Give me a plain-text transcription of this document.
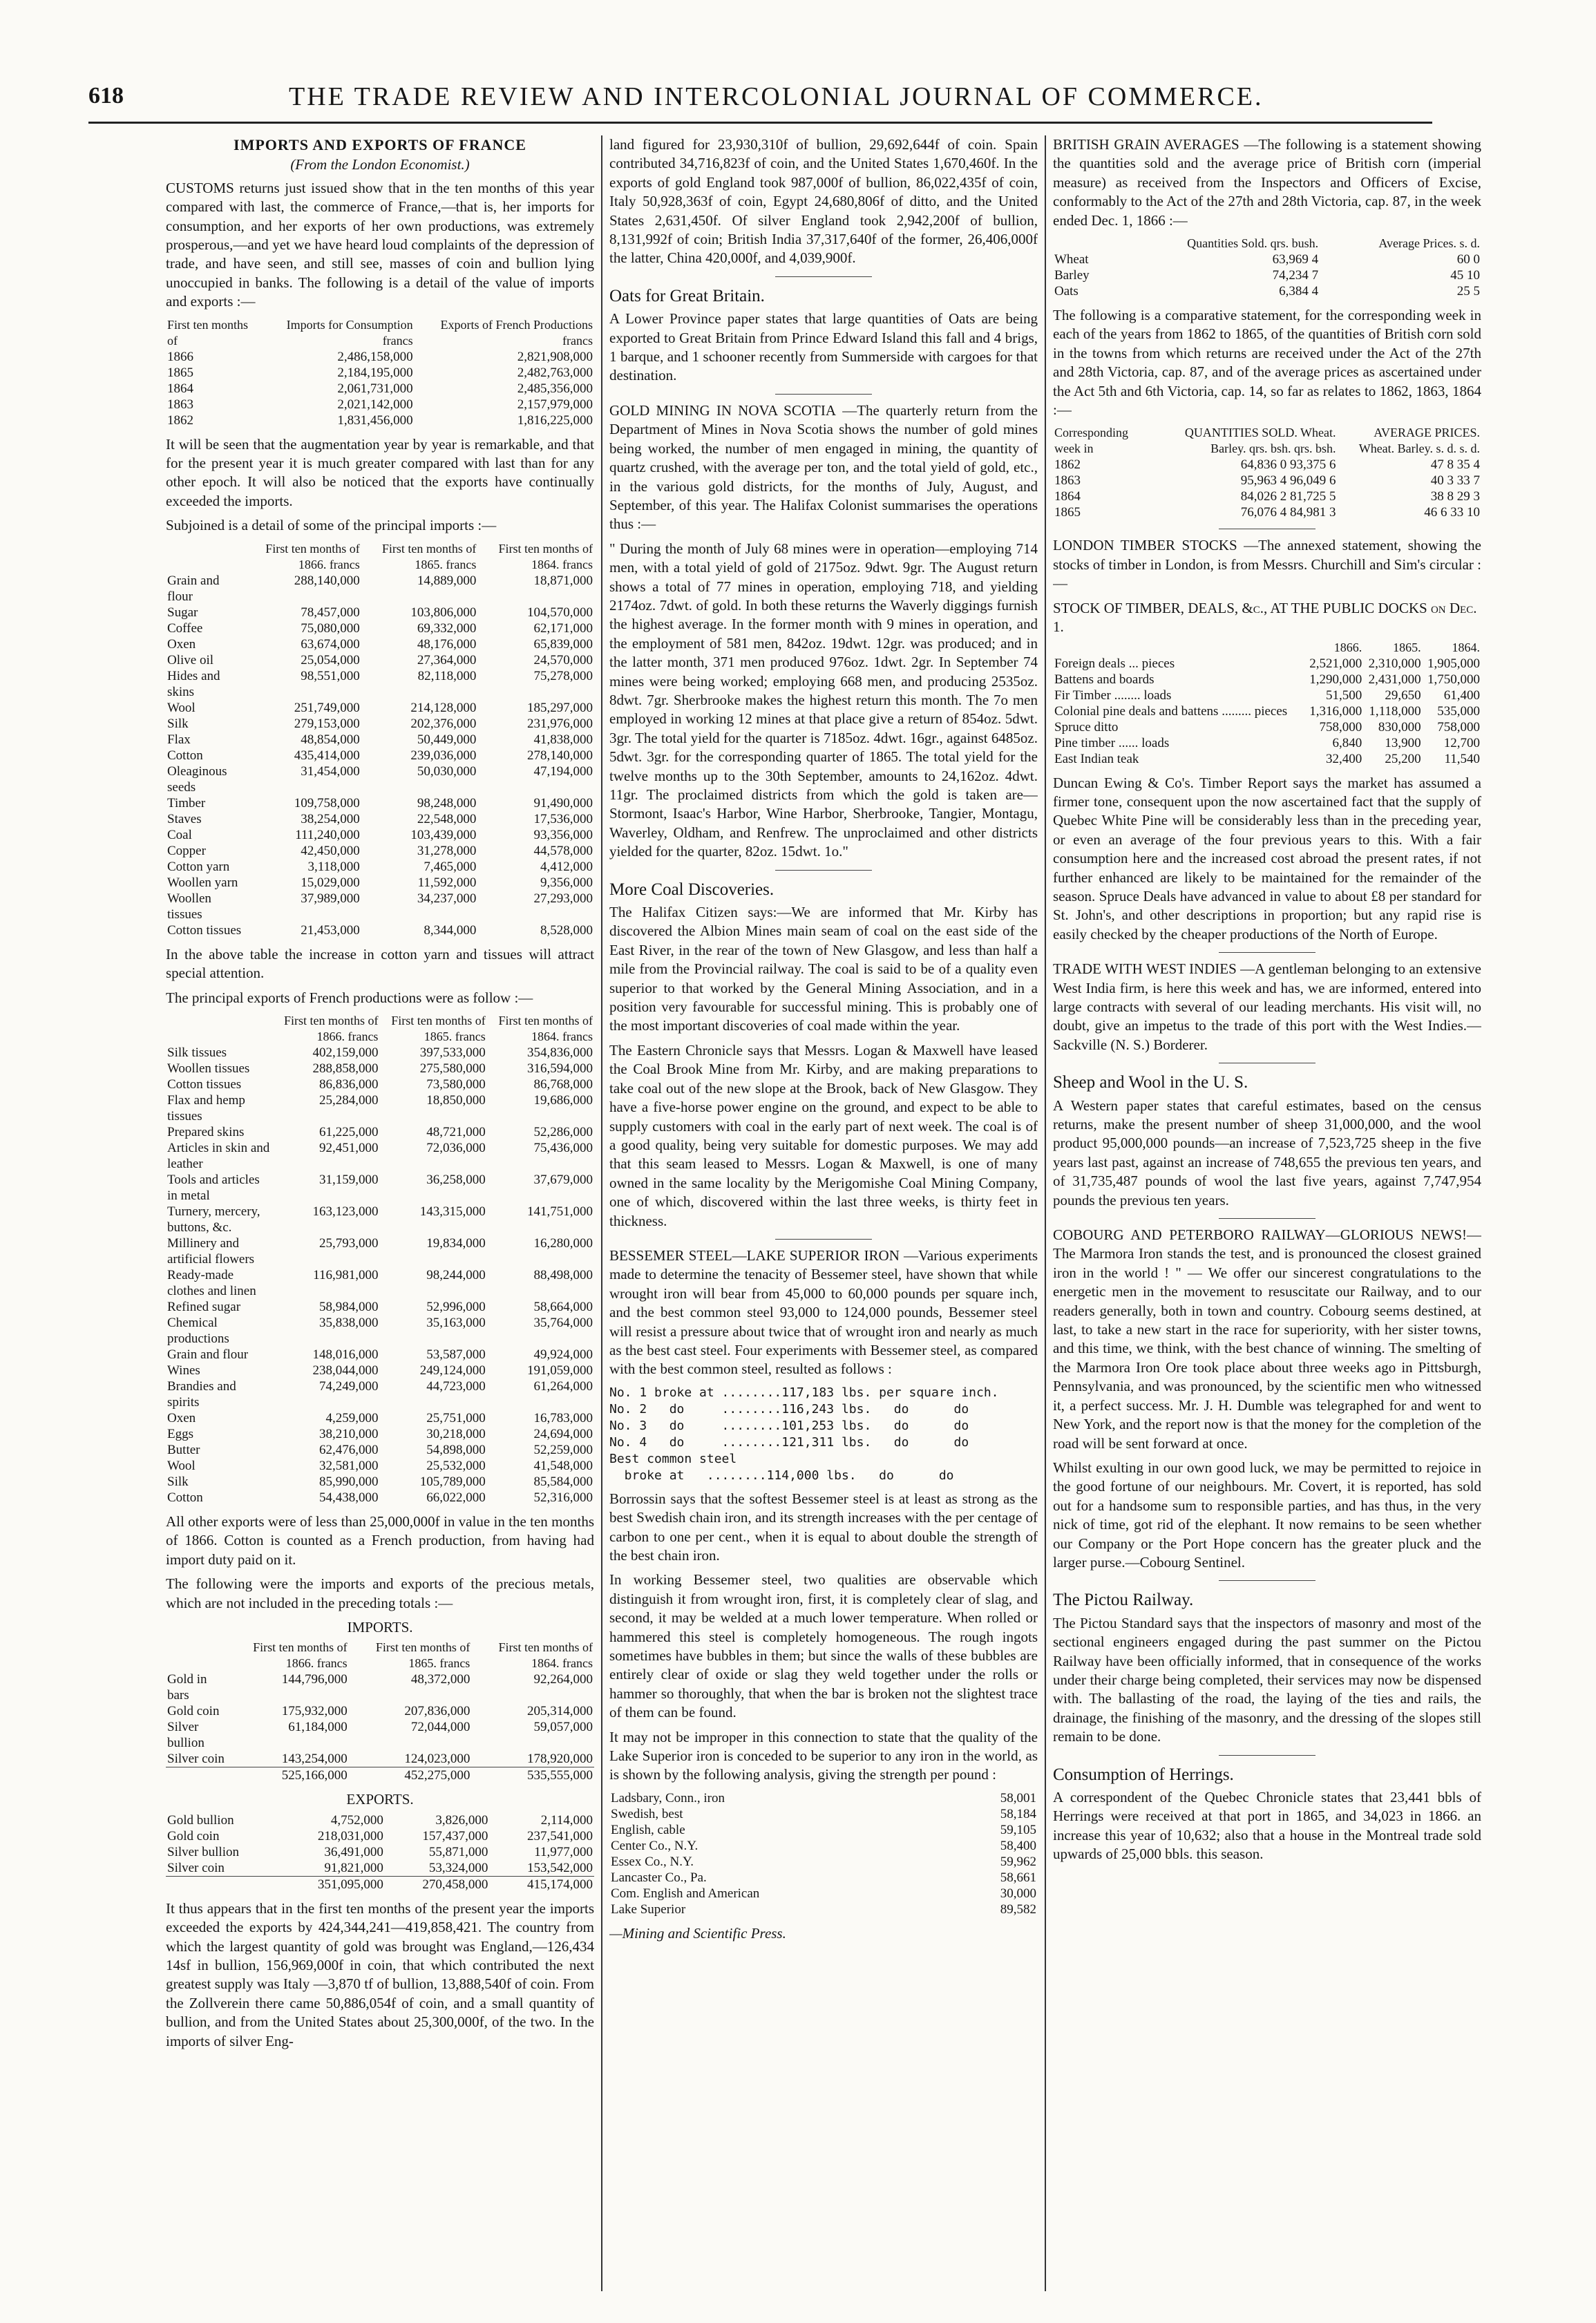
618	THE TRADE REVIEW AND INTERCOLONIAL JOURNAL OF COMMERCE.
IMPORTS AND EXPORTS OF FRANCE
(From the London Economist.)

CUSTOMS returns just issued show that in the ten months of this year compared with last, the commerce of France,—that is, her imports for consumption, and her exports of her own productions, was extremely prosperous,—and yet we have heard loud complaints of the depression of trade, and have seen, and still see, masses of coin and bullion lying unoccupied in banks. The following is a detail of the value of imports and exports :—

First ten months of	Imports for Consumption francs	Exports of French Productions francs
1866	2,486,158,000	2,821,908,000
1865	2,184,195,000	2,482,763,000
1864	2,061,731,000	2,485,356,000
1863	2,021,142,000	2,157,979,000
1862	1,831,456,000	1,816,225,000

It will be seen that the augmentation year by year is remarkable, and that for the present year it is much greater compared with last than for any other epoch. It will also be noticed that the exports have continually exceeded the imports.

Subjoined is a detail of some of the principal imports :—

	First ten months of 1866. francs	First ten months of 1865. francs	First ten months of 1864. francs
Grain and flour	288,140,000	14,889,000	18,871,000
Sugar	78,457,000	103,806,000	104,570,000
Coffee	75,080,000	69,332,000	62,171,000
Oxen	63,674,000	48,176,000	65,839,000
Olive oil	25,054,000	27,364,000	24,570,000
Hides and skins	98,551,000	82,118,000	75,278,000
Wool	251,749,000	214,128,000	185,297,000
Silk	279,153,000	202,376,000	231,976,000
Flax	48,854,000	50,449,000	41,838,000
Cotton	435,414,000	239,036,000	278,140,000
Oleaginous seeds	31,454,000	50,030,000	47,194,000
Timber	109,758,000	98,248,000	91,490,000
Staves	38,254,000	22,548,000	17,536,000
Coal	111,240,000	103,439,000	93,356,000
Copper	42,450,000	31,278,000	44,578,000
Cotton yarn	3,118,000	7,465,000	4,412,000
Woollen yarn	15,029,000	11,592,000	9,356,000
Woollen tissues	37,989,000	34,237,000	27,293,000
Cotton tissues	21,453,000	8,344,000	8,528,000

In the above table the increase in cotton yarn and tissues will attract special attention.

The principal exports of French productions were as follow :—

	First ten months of 1866. francs	First ten months of 1865. francs	First ten months of 1864. francs
Silk tissues	402,159,000	397,533,000	354,836,000
Woollen tissues	288,858,000	275,580,000	316,594,000
Cotton tissues	86,836,000	73,580,000	86,768,000
Flax and hemp tissues	25,284,000	18,850,000	19,686,000
Prepared skins	61,225,000	48,721,000	52,286,000
Articles in skin and leather	92,451,000	72,036,000	75,436,000
Tools and articles in metal	31,159,000	36,258,000	37,679,000
Turnery, mercery, buttons, &c.	163,123,000	143,315,000	141,751,000
Millinery and artificial flowers	25,793,000	19,834,000	16,280,000
Ready-made clothes and linen	116,981,000	98,244,000	88,498,000
Refined sugar	58,984,000	52,996,000	58,664,000
Chemical productions	35,838,000	35,163,000	35,764,000
Grain and flour	148,016,000	53,587,000	49,924,000
Wines	238,044,000	249,124,000	191,059,000
Brandies and spirits	74,249,000	44,723,000	61,264,000
Oxen	4,259,000	25,751,000	16,783,000
Eggs	38,210,000	30,218,000	24,694,000
Butter	62,476,000	54,898,000	52,259,000
Wool	32,581,000	25,532,000	41,548,000
Silk	85,990,000	105,789,000	85,584,000
Cotton	54,438,000	66,022,000	52,316,000

All other exports were of less than 25,000,000f in value in the ten months of 1866. Cotton is counted as a French production, from having had import duty paid on it.

The following were the imports and exports of the precious metals, which are not included in the preceding totals :—

IMPORTS.
	First ten months of 1866. francs	First ten months of 1865. francs	First ten months of 1864. francs
Gold in bars	144,796,000	48,372,000	92,264,000
Gold coin	175,932,000	207,836,000	205,314,000
Silver bullion	61,184,000	72,044,000	59,057,000
Silver coin	143,254,000	124,023,000	178,920,000
	525,166,000	452,275,000	535,555,000
EXPORTS.
Gold bullion	4,752,000	3,826,000	2,114,000
Gold coin	218,031,000	157,437,000	237,541,000
Silver bullion	36,491,000	55,871,000	11,977,000
Silver coin	91,821,000	53,324,000	153,542,000
	351,095,000	270,458,000	415,174,000

It thus appears that in the first ten months of the present year the imports exceeded the exports by 424,344,241—419,858,421. The country from which the largest quantity of gold was brought was England,—126,434 14sf in bullion, 156,969,000f in coin, that which contributed the next greatest supply was Italy —3,870 tf of bullion, 13,888,540f of coin. From the Zollverein there came 50,886,054f of coin, and a small quantity of bullion, and from the United States about 25,300,000f, of the two. In the imports of silver Eng-

land figured for 23,930,310f of bullion, 29,692,644f of coin. Spain contributed 34,716,823f of coin, and the United States 1,670,460f. In the exports of gold England took 987,000f of bullion, 86,022,435f of coin, Italy 50,928,363f of coin, Egypt 24,680,806f of ditto, and the United States 2,631,450f. Of silver England took 2,942,200f of bullion, 8,131,992f of coin; British India 37,317,640f of the former, 26,406,000f the latter, China 420,000f, and 4,039,900f.

Oats for Great Britain.

A Lower Province paper states that large quantities of Oats are being exported to Great Britain from Prince Edward Island this fall and 4 brigs, 1 barque, and 1 schooner recently from Summerside with cargoes for that destination.

GOLD MINING IN NOVA SCOTIA —The quarterly return from the Department of Mines in Nova Scotia shows the number of gold mines being worked, the number of men engaged in mining, the quantity of quartz crushed, with the average per ton, and the total yield of gold, etc., in the various gold districts, for the months of July, August, and September, of this year. The Halifax Colonist summarises the operations thus :—

" During the month of July 68 mines were in operation—employing 714 men, with a total yield of gold of 2175oz. 9dwt. 9gr. The August return shows a total of 77 mines in operation, employing 718, and yielding 2174oz. 7dwt. of gold. In both these returns the Waverly diggings furnish the highest average. In the former month with 9 mines in operation, and the employment of 581 men, 842oz. 19dwt. 12gr. was produced; and in the latter month, 371 men produced 976oz. 1dwt. 2gr. In September 74 mines were being worked; employing 668 men, and producing 2535oz. 8dwt. 7gr. Sherbrooke makes the highest return this month. The 7o men employed in working 12 mines at that place give a return of 854oz. 5dwt. 3gr. The total yield for the quarter is 7185oz. 4dwt. 16gr., against 6485oz. 5dwt. 3gr. for the corresponding quarter of 1865. The total yield for the twelve months up to the 30th September, amounts to 24,162oz. 4dwt. 11gr. The proclaimed districts from which the gold is taken are—Stormont, Isaac's Harbor, Wine Harbor, Sherbrooke, Tangier, Montagu, Waverley, Oldham, and Renfrew. The unproclaimed and other districts yielded for the quarter, 82oz. 15dwt. 1o."

More Coal Discoveries.

The Halifax Citizen says:—We are informed that Mr. Kirby has discovered the Albion Mines main seam of coal on the east side of the East River, in the rear of the town of New Glasgow, and less than half a mile from the Provincial railway. The coal is said to be of a quality even superior to that worked by the General Mining Association, and in a position very favourable for successful mining. This is probably one of the most important discoveries of coal made within the year.

The Eastern Chronicle says that Messrs. Logan & Maxwell have leased the Coal Brook Mine from Mr. Kirby, and are making preparations to take coal out of the new slope at the Brook, back of New Glasgow. They have a five-horse power engine on the ground, and expect to be able to supply customers with coal in the early part of next week. The coal is of a good quality, being very suitable for domestic purposes. We may add that this seam leased to Messrs. Logan & Maxwell, is one of many owned in the same locality by the Merigomishe Coal Mining Company, one of which, discovered within the last three weeks, is thirty feet in thickness.

BESSEMER STEEL—LAKE SUPERIOR IRON —Various experiments made to determine the tenacity of Bessemer steel, have shown that while wrought iron will bear from 45,000 to 60,000 pounds per square inch, and the best common steel 93,000 to 124,000 pounds, Bessemer steel will resist a pressure about twice that of wrought iron and nearly as much as the best cast steel. Four experiments with Bessemer steel, as compared with the best common steel, resulted as follows :

No. 1 broke at ........117,183 lbs. per square inch.
No. 2   do     ........116,243 lbs.   do      do
No. 3   do     ........101,253 lbs.   do      do
No. 4   do     ........121,311 lbs.   do      do
Best common steel
broke at   ........114,000 lbs.   do      do

Borrossin says that the softest Bessemer steel is at least as strong as the best Swedish chain iron, and its strength increases with the per centage of carbon to one per cent., when it is equal to about double the strength of the best chain iron.

In working Bessemer steel, two qualities are observable which distinguish it from wrought iron, first, it is completely clear of slag, and second, it may be welded at a much lower temperature. When rolled or hammered this steel is completely homogeneous. The rough ingots sometimes have bubbles in them; but since the walls of these bubbles are entirely clear of oxide or slag they weld together under the rolls or hammer so thoroughly, that when the bar is broken not the slightest trace of them can be found.

It may not be improper in this connection to state that the quality of the Lake Superior iron is conceded to be superior to any iron in the world, as is shown by the following analysis, giving the strength per pound :

Ladsbary, Conn., iron	58,001
Swedish, best	58,184
English, cable	59,105
Center Co., N.Y.	58,400
Essex Co., N.Y.	59,962
Lancaster Co., Pa.	58,661
Com. English and American	30,000
Lake Superior	89,582
—Mining and Scientific Press.

BRITISH GRAIN AVERAGES —The following is a statement showing the quantities sold and the average price of British corn (imperial measure) as received from the Inspectors and Officers of Excise, conformably to the Act of the 27th and 28th Victoria, cap. 87, in the week ended Dec. 1, 1866 :—

	Quantities Sold. qrs. bush.	Average Prices. s. d.
Wheat	63,969 4	60 0
Barley	74,234 7	45 10
Oats	6,384 4	25 5

The following is a comparative statement, for the corresponding week in each of the years from 1862 to 1865, of the quantities of British corn sold in the towns from which returns are received under the Act of the 27th and 28th Victoria, cap. 87, and of the average prices as ascertained under the Act 5th and 6th Victoria, cap. 14, so far as relates to 1862, 1863, 1864 :—

Corresponding week in	QUANTITIES SOLD. Wheat. Barley. qrs. bsh. qrs. bsh.	AVERAGE PRICES. Wheat. Barley. s. d. s. d.
1862	64,836 0 93,375 6	47 8 35 4
1863	95,963 4 96,049 6	40 3 33 7
1864	84,026 2 81,725 5	38 8 29 3
1865	76,076 4 84,981 3	46 6 33 10

LONDON TIMBER STOCKS —The annexed statement, showing the stocks of timber in London, is from Messrs. Churchill and Sim's circular :—

STOCK OF TIMBER, DEALS, &c., AT THE PUBLIC DOCKS on Dec. 1.
	1866.	1865.	1864.
Foreign deals ... pieces	2,521,000	2,310,000	1,905,000
Battens and boards	1,290,000	2,431,000	1,750,000
Fir Timber ........ loads	51,500	29,650	61,400
Colonial pine deals and battens ......... pieces	1,316,000	1,118,000	535,000
Spruce ditto	758,000	830,000	758,000
Pine timber ...... loads	6,840	13,900	12,700
East Indian teak	32,400	25,200	11,540

Duncan Ewing & Co's. Timber Report says the market has assumed a firmer tone, consequent upon the now ascertained fact that the supply of Quebec White Pine will be considerably less than in the preceding year, or even an average of the four previous years to this. With a fair consumption here and the increased cost abroad the present rates, if not further enhanced are likely to be maintained for the remainder of the season. Spruce Deals have advanced in value to about £8 per standard for St. John's, and other descriptions in proportion; but any rapid rise is easily checked by the cheaper productions of the North of Europe.

TRADE WITH WEST INDIES —A gentleman belonging to an extensive West India firm, is here this week and has, we are informed, entered into large contracts with several of our leading merchants. His visit will, no doubt, give an impetus to the trade of this port with the West Indies.—Sackville (N. S.) Borderer.

Sheep and Wool in the U. S.

A Western paper states that careful estimates, based on the census returns, make the present number of sheep 31,000,000, and the wool product 95,000,000 pounds—an increase of 7,523,725 sheep in the five years last past, against an increase of 748,655 the previous ten years, and of 31,735,487 pounds of wool the last five years, against 7,747,954 pounds the previous ten years.

COBOURG AND PETERBORO RAILWAY—GLORIOUS NEWS!—The Marmora Iron stands the test, and is pronounced the closest grained iron in the world ! " — We offer our sincerest congratulations to the energetic men in the movement to resuscitate our Railway, and to our readers generally, both in town and country. Cobourg seems destined, at last, to take a new start in the race for superiority, with her sister towns, and this time, we think, with the best chance of winning. The smelting of the Marmora Iron Ore took place about three weeks ago in Pittsburgh, Pennsylvania, and was pronounced, by the scientific men who witnessed it, a perfect success. Mr. J. H. Dumble was telegraphed for and went to New York, and the report now is that the money for the completion of the road will be sent forward at once.

Whilst exulting in our own good luck, we may be permitted to rejoice in the good fortune of our neighbours. Mr. Covert, it is reported, has sold out for a handsome sum to responsible parties, and has thus, in the very nick of time, got rid of the elephant. It now remains to be seen whether our Company or the Port Hope concern has the greater pluck and the larger purse.—Cobourg Sentinel.

The Pictou Railway.

The Pictou Standard says that the inspectors of masonry and most of the sectional engineers engaged during the past summer on the Pictou Railway have been officially informed, that in consequence of the works under their charge being completed, their services may now be dispensed with. The ballasting of the road, the laying of the ties and rails, the drainage, the finishing of the masonry, and the dressing of the slopes still remain to be done.

Consumption of Herrings.

A correspondent of the Quebec Chronicle states that 23,441 bbls of Herrings were received at that port in 1865, and 34,023 in 1866. an increase this year of 10,632; also that a house in the Montreal trade sold upwards of 25,000 bbls. this season.
